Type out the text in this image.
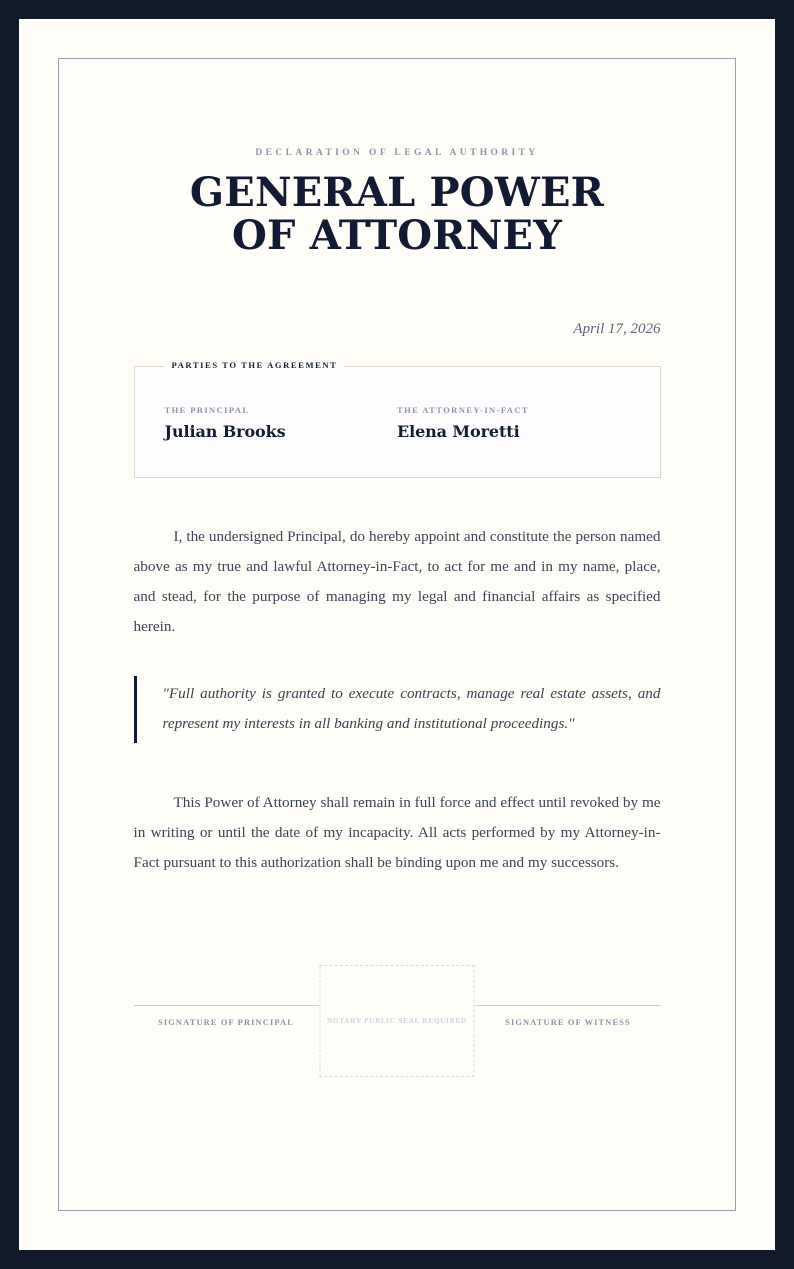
DECLARATION OF LEGAL AUTHORITY
GENERAL POWER
OF ATTORNEY
April 17, 2026
PARTIES TO THE AGREEMENT
THE PRINCIPAL
Julian Brooks
THE ATTORNEY-IN-FACT
Elena Moretti

I, the undersigned Principal, do hereby appoint and constitute the person named above as my true and lawful Attorney-in-Fact, to act for me and in my name, place, and stead, for the purpose of managing my legal and financial affairs as specified herein.

"Full authority is granted to execute contracts, manage real estate assets, and represent my interests in all banking and institutional proceedings."

This Power of Attorney shall remain in full force and effect until revoked by me in writing or until the date of my incapacity. All acts performed by my Attorney-in-Fact pursuant to this authorization shall be binding upon me and my successors.

SIGNATURE OF PRINCIPAL	SIGNATURE OF WITNESS
NOTARY PUBLIC SEAL REQUIRED
